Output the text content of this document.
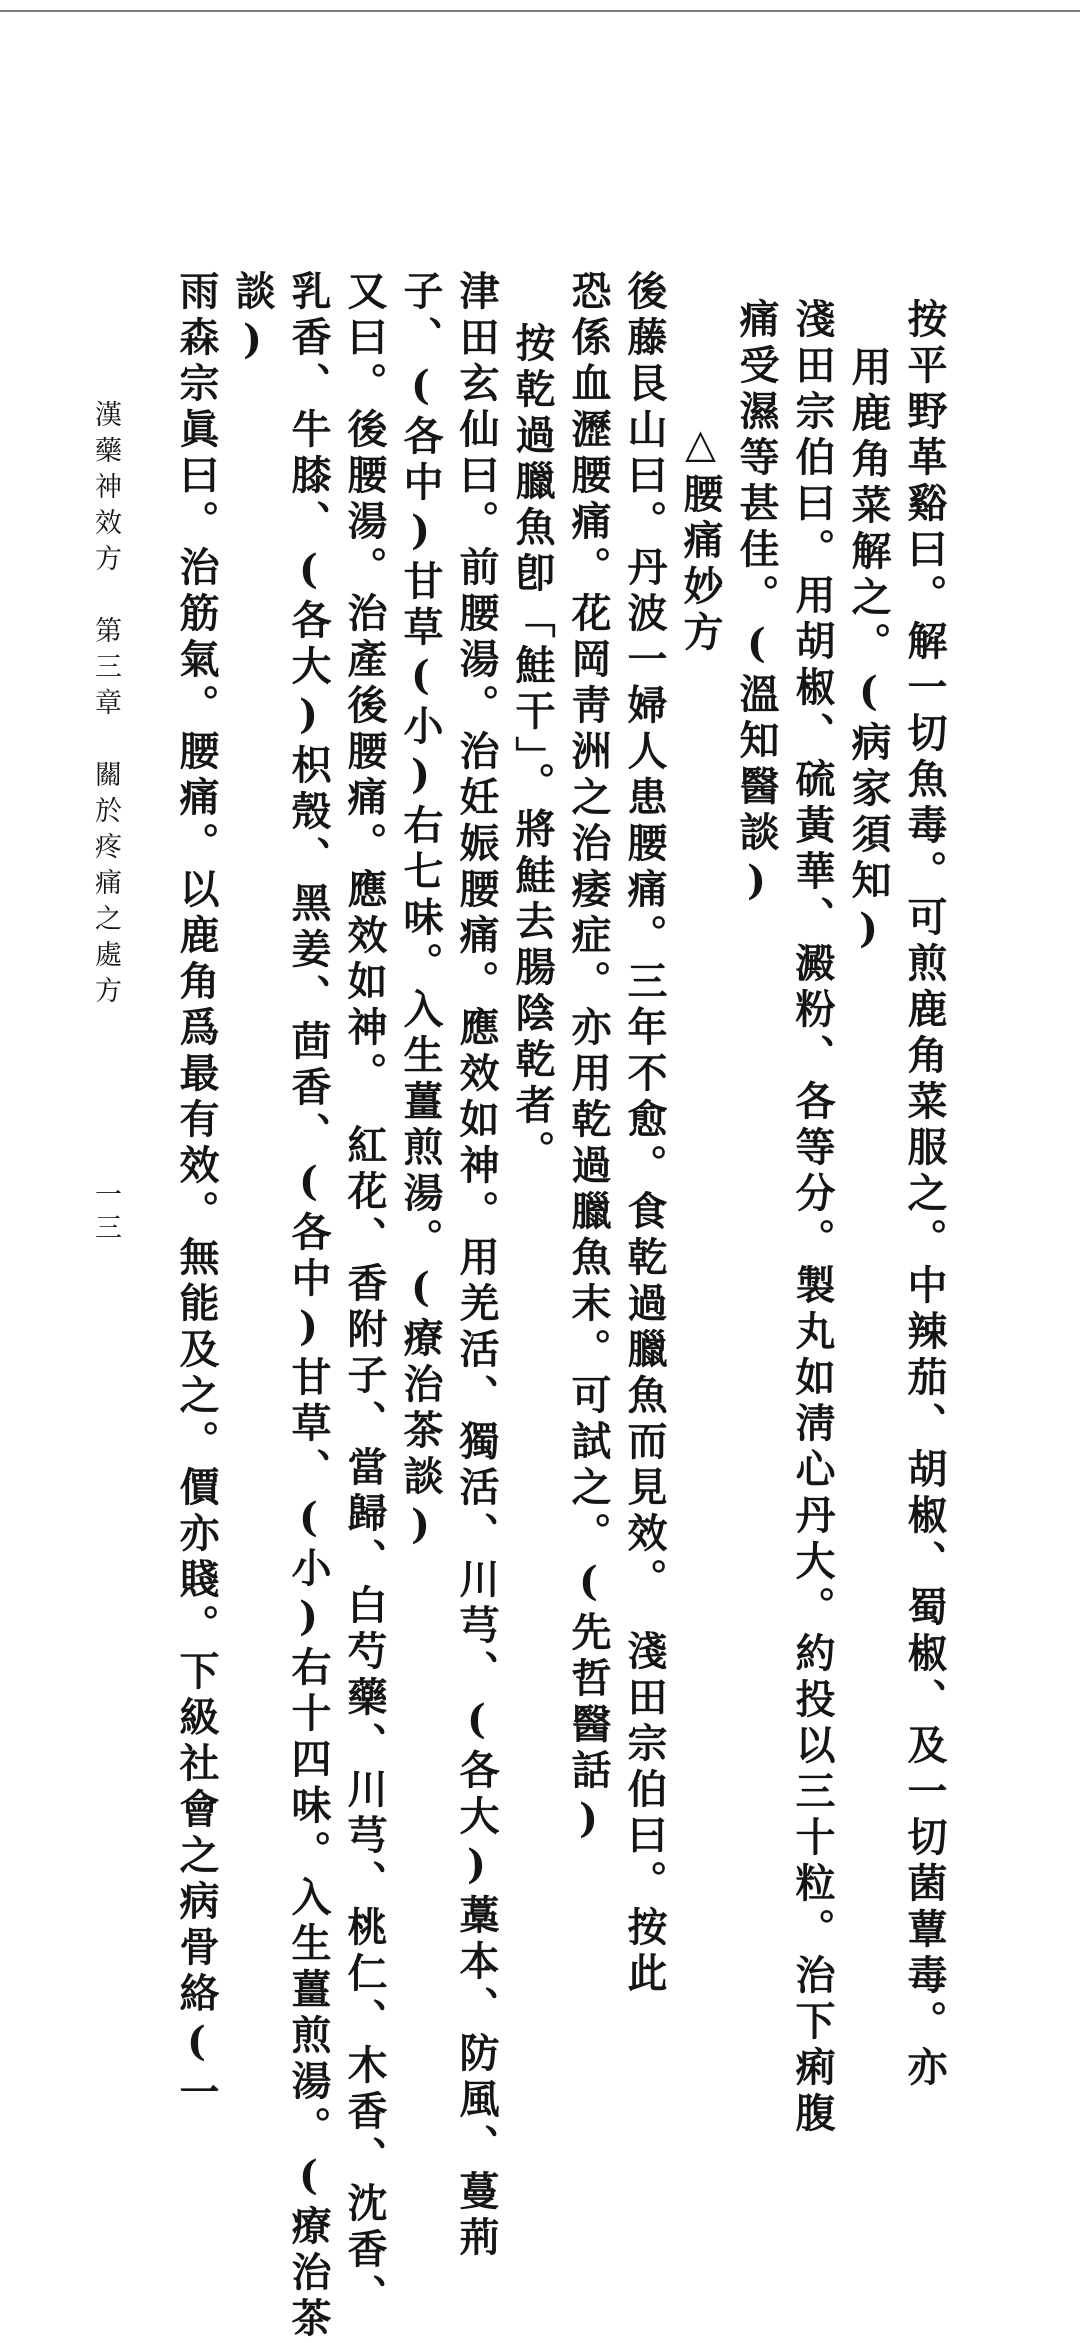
按平野革谿曰。解一切魚毒。可煎鹿角菜服之。中辣茄、胡椒、蜀椒、及一切菌蕈毒。亦
用鹿角菜解之。(病家須知)
淺田宗伯曰。用胡椒、硫黃華、澱粉、各等分。製丸如淸心丹大。約投以三十粒。治下痢腹
痛受濕等甚佳。(溫知醫談)
△腰痛妙方
後藤艮山曰。丹波一婦人患腰痛。三年不愈。食乾過臘魚而見效。　淺田宗伯曰。按此
恐係血瀝腰痛。花岡靑洲之治痿症。亦用乾過臘魚末。可試之。(先哲醫話)
按乾過臘魚卽「鮭干」。將鮭去腸陰乾者。
津田玄仙曰。前腰湯。治妊娠腰痛。應效如神。用羌活、獨活、川芎、(各大)藁本、防風、蔓荊
子、(各中)甘草(小)右七味。入生薑煎湯。(療治茶談)
又曰。後腰湯。治產後腰痛。應效如神。　紅花、香附子、當歸、白芍藥、川芎、桃仁、木香、沈香、
乳香、牛膝、(各大)枳殼、黑姜、茴香、(各中)甘草、(小)右十四味。入生薑煎湯。(療治茶
談)
雨森宗眞曰。治筋氣。腰痛。以鹿角爲最有效。無能及之。價亦賤。下級社會之病骨絡(一
漢藥神效方　第三章　關於疼痛之處方
一三
